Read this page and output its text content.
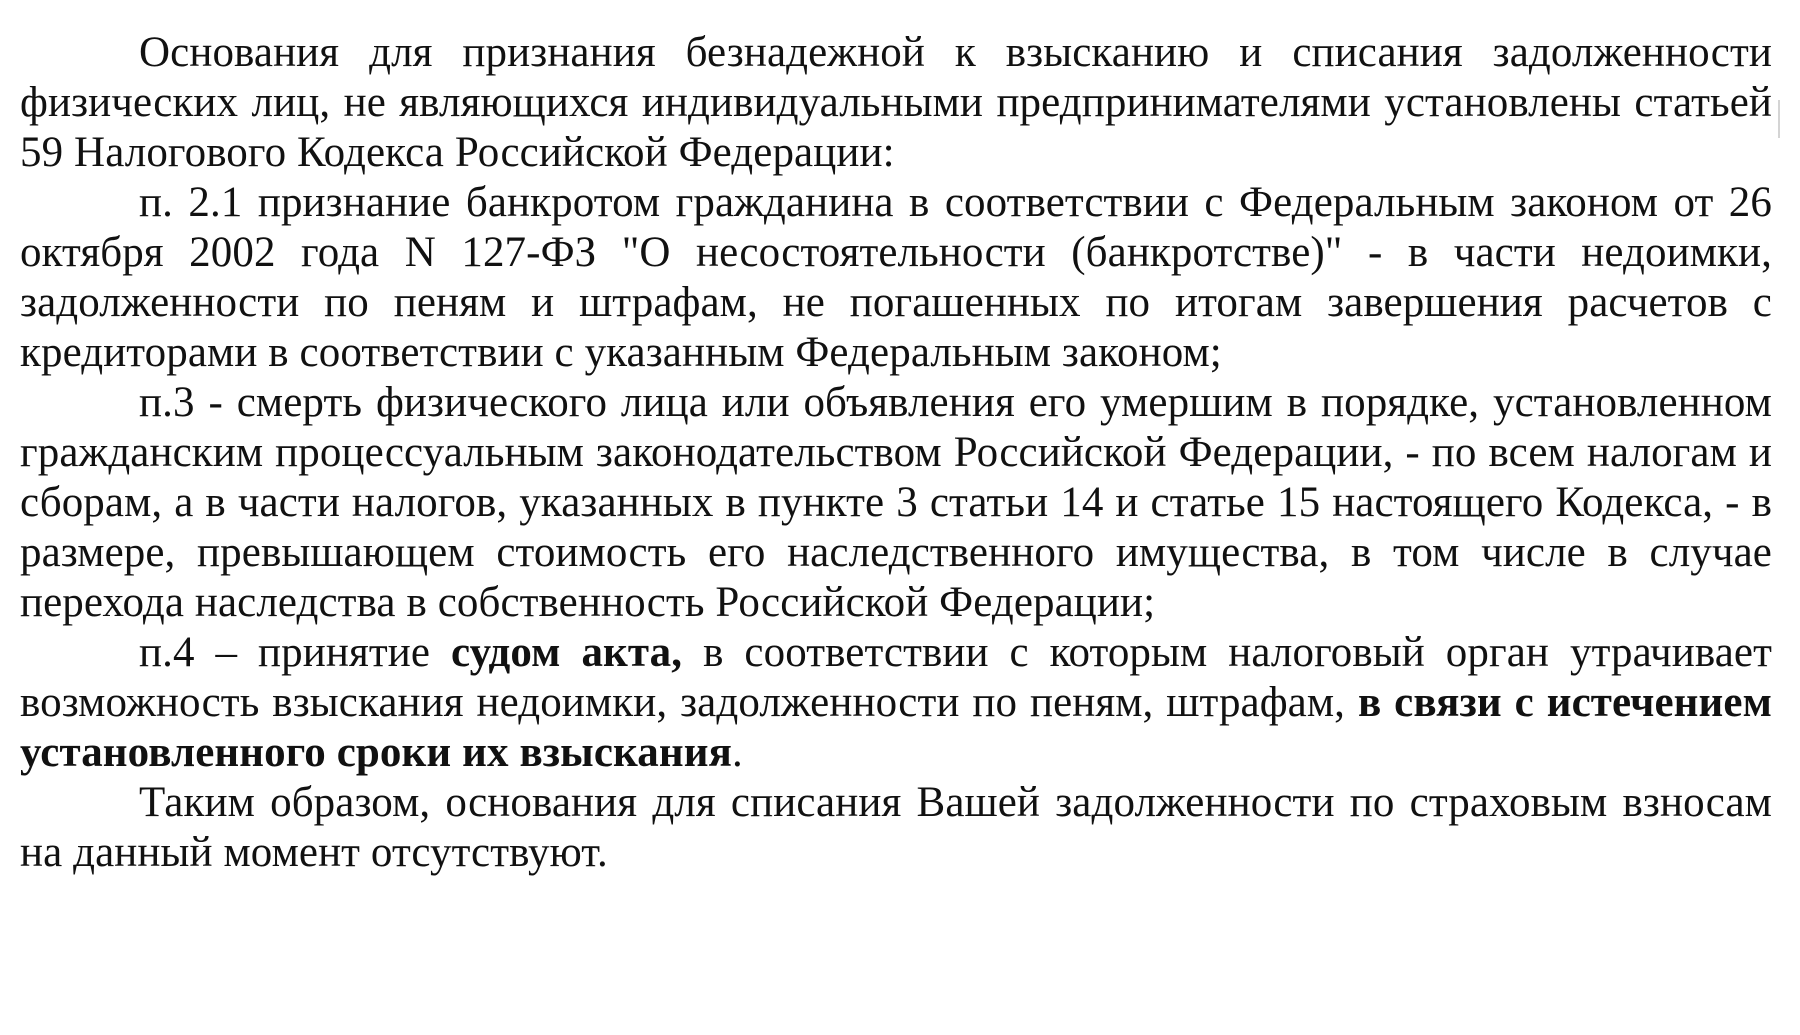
Основания для признания безнадежной к взысканию и списания задолженности физических лиц, не являющихся индивидуальными предпринимателями установлены статьей 59 Налогового Кодекса Российской Федерации:

п. 2.1 признание банкротом гражданина в соответствии с Федеральным законом от 26 октября 2002 года N 127-ФЗ "О несостоятельности (банкротстве)" - в части недоимки, задолженности по пеням и штрафам, не погашенных по итогам завершения расчетов с кредиторами в соответствии с указанным Федеральным законом;

п.3 - смерть физического лица или объявления его умершим в порядке, установленном гражданским процессуальным законодательством Российской Федерации, - по всем налогам и сборам, а в части налогов, указанных в пункте 3 статьи 14 и статье 15 настоящего Кодекса, - в размере, превышающем стоимость его наследственного имущества, в том числе в случае перехода наследства в собственность Российской Федерации;

п.4 – принятие судом акта, в соответствии с которым налоговый орган утрачивает возможность взыскания недоимки, задолженности по пеням, штрафам, в связи с истечением установленного сроки их взыскания.

Таким образом, основания для списания Вашей задолженности по страховым взносам на данный момент отсутствуют.
